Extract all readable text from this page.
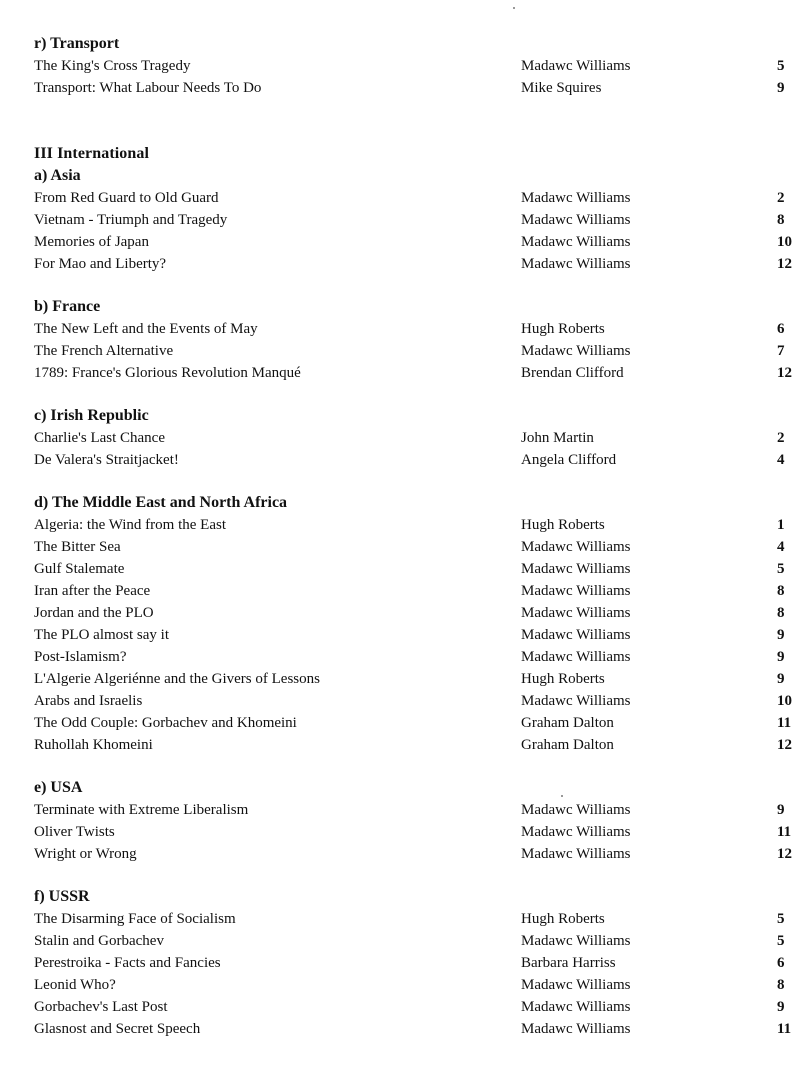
r) Transport
The King's Cross Tragedy	Madawc Williams	5
Transport: What Labour Needs To Do	Mike Squires	9
III International
a) Asia
From Red Guard to Old Guard	Madawc Williams	2
Vietnam - Triumph and Tragedy	Madawc Williams	8
Memories of Japan	Madawc Williams	10
For Mao and Liberty?	Madawc Williams	12
b) France
The New Left and the Events of May	Hugh Roberts	6
The French Alternative	Madawc Williams	7
1789: France's Glorious Revolution Manqué	Brendan Clifford	12
c) Irish Republic
Charlie's Last Chance	John Martin	2
De Valera's Straitjacket!	Angela Clifford	4
d) The Middle East and North Africa
Algeria: the Wind from the East	Hugh Roberts	1
The Bitter Sea	Madawc Williams	4
Gulf Stalemate	Madawc Williams	5
Iran after the Peace	Madawc Williams	8
Jordan and the PLO	Madawc Williams	8
The PLO almost say it	Madawc Williams	9
Post-Islamism?	Madawc Williams	9
L'Algerie Algeriénne and the Givers of Lessons	Hugh Roberts	9
Arabs and Israelis	Madawc Williams	10
The Odd Couple: Gorbachev and Khomeini	Graham Dalton	11
Ruhollah Khomeini	Graham Dalton	12
e) USA
Terminate with Extreme Liberalism	Madawc Williams	9
Oliver Twists	Madawc Williams	11
Wright or Wrong	Madawc Williams	12
f) USSR
The Disarming Face of Socialism	Hugh Roberts	5
Stalin and Gorbachev	Madawc Williams	5
Perestroika - Facts and Fancies	Barbara Harriss	6
Leonid Who?	Madawc Williams	8
Gorbachev's Last Post	Madawc Williams	9
Glasnost and Secret Speech	Madawc Williams	11
